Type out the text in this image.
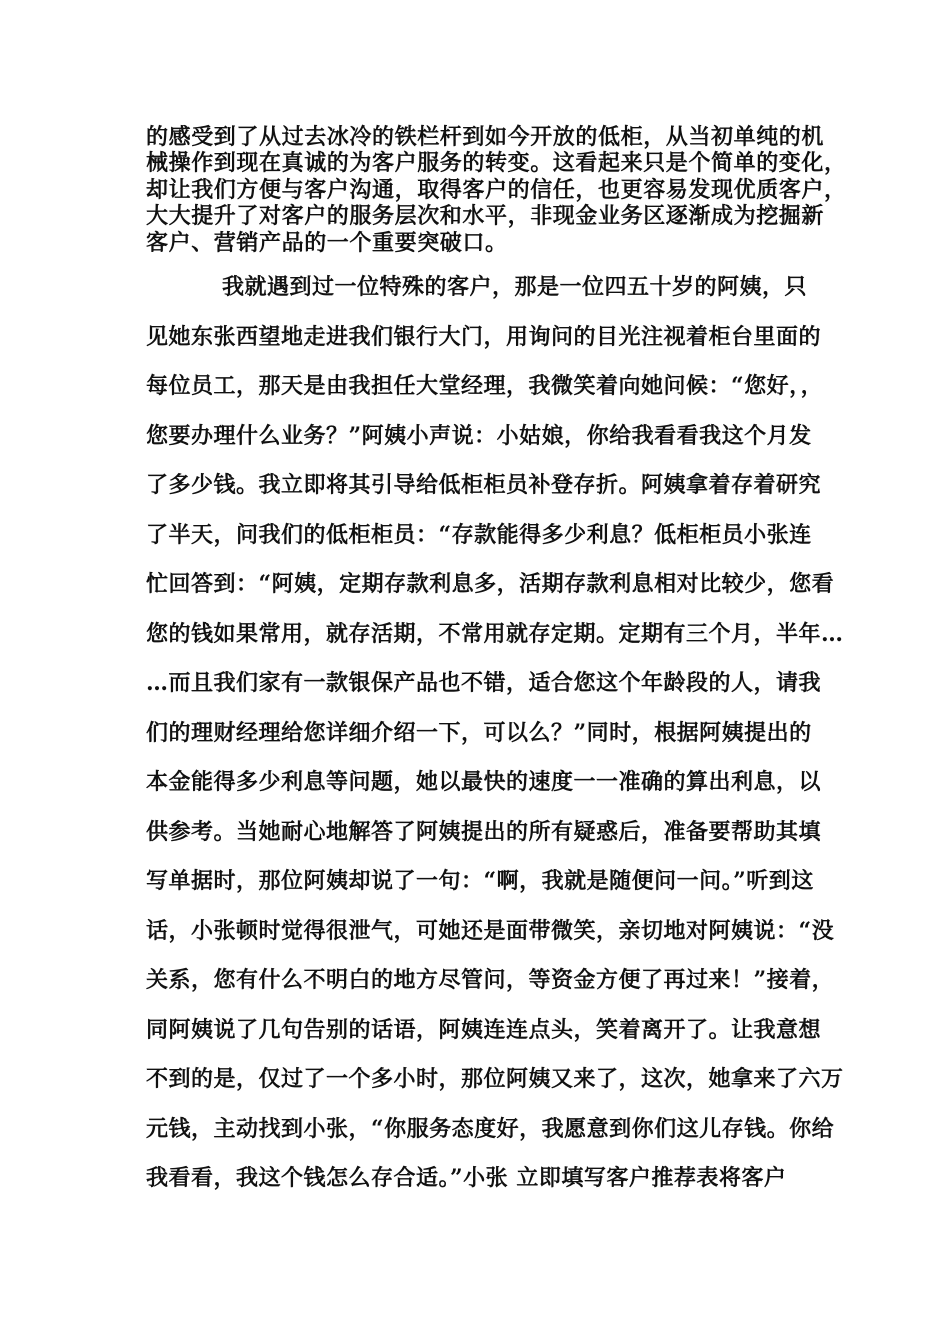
的感受到了从过去冰冷的铁栏杆到如今开放的低柜，从当初单纯的机
械操作到现在真诚的为客户服务的转变。这看起来只是个简单的变化，
却让我们方便与客户沟通，取得客户的信任，也更容易发现优质客户，
大大提升了对客户的服务层次和水平，非现金业务区逐渐成为挖掘新
客户、营销产品的一个重要突破口。
我就遇到过一位特殊的客户，那是一位四五十岁的阿姨，只
见她东张西望地走进我们银行大门，用询问的目光注视着柜台里面的
每位员工，那天是由我担任大堂经理，我微笑着向她问候：“您好，，
您要办理什么业务？”阿姨小声说：小姑娘，你给我看看我这个月发
了多少钱。我立即将其引导给低柜柜员补登存折。阿姨拿着存着研究
了半天，问我们的低柜柜员：“存款能得多少利息？低柜柜员小张连
忙回答到：“阿姨，定期存款利息多，活期存款利息相对比较少，您看
您的钱如果常用，就存活期，不常用就存定期。定期有三个月，半年…
…而且我们家有一款银保产品也不错，适合您这个年龄段的人，请我
们的理财经理给您详细介绍一下，可以么？”同时，根据阿姨提出的
本金能得多少利息等问题，她以最快的速度一一准确的算出利息，以
供参考。当她耐心地解答了阿姨提出的所有疑惑后，准备要帮助其填
写单据时，那位阿姨却说了一句：“啊，我就是随便问一问。”听到这
话，小张顿时觉得很泄气，可她还是面带微笑，亲切地对阿姨说：“没
关系，您有什么不明白的地方尽管问，等资金方便了再过来！”接着，
同阿姨说了几句告别的话语，阿姨连连点头，笑着离开了。让我意想
不到的是，仅过了一个多小时，那位阿姨又来了，这次，她拿来了六万
元钱，主动找到小张，“你服务态度好，我愿意到你们这儿存钱。你给
我看看，我这个钱怎么存合适。”小张 立即填写客户推荐表将客户
